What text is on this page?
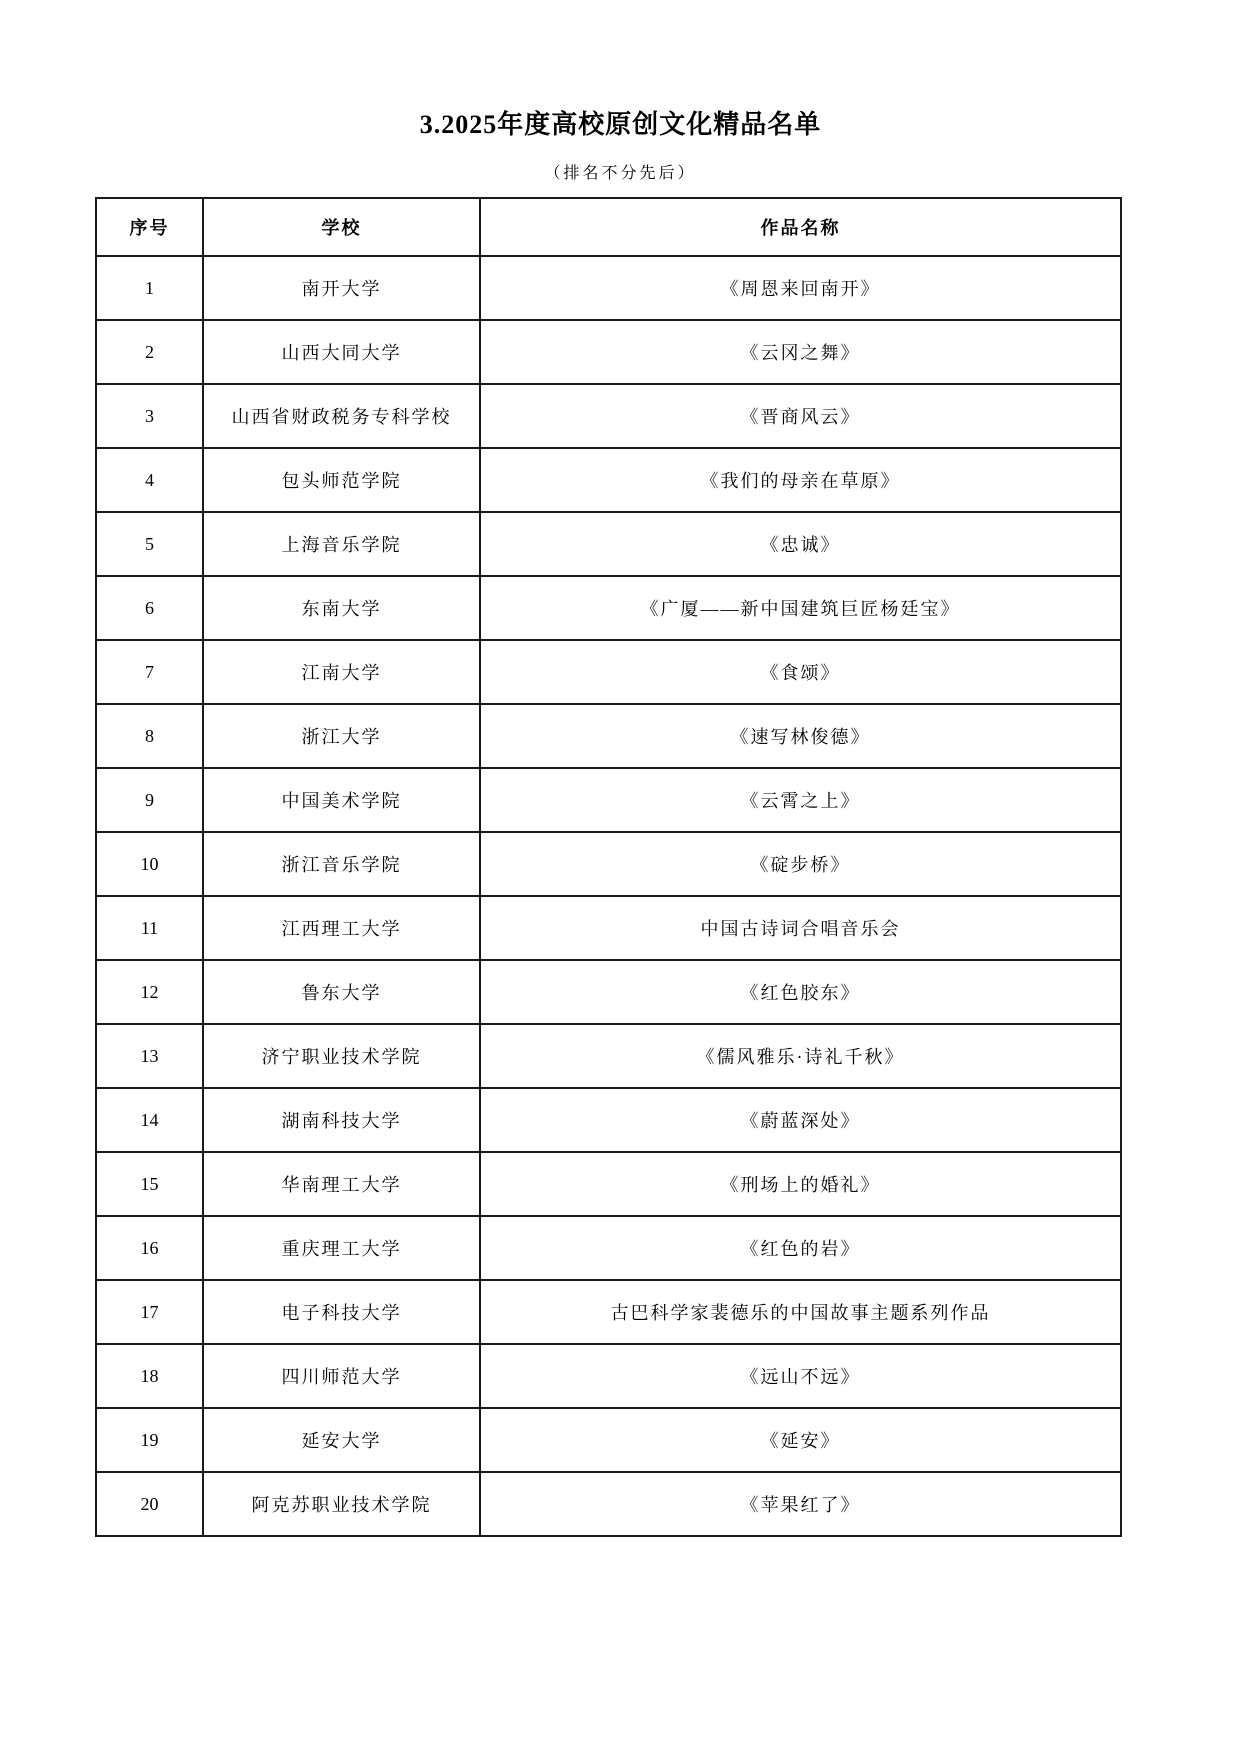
3.2025年度高校原创文化精品名单
（排名不分先后）
序号	学校	作品名称
1	南开大学	《周恩来回南开》
2	山西大同大学	《云冈之舞》
3	山西省财政税务专科学校	《晋商风云》
4	包头师范学院	《我们的母亲在草原》
5	上海音乐学院	《忠诚》
6	东南大学	《广厦——新中国建筑巨匠杨廷宝》
7	江南大学	《食颂》
8	浙江大学	《速写林俊德》
9	中国美术学院	《云霄之上》
10	浙江音乐学院	《碇步桥》
11	江西理工大学	中国古诗词合唱音乐会
12	鲁东大学	《红色胶东》
13	济宁职业技术学院	《儒风雅乐·诗礼千秋》
14	湖南科技大学	《蔚蓝深处》
15	华南理工大学	《刑场上的婚礼》
16	重庆理工大学	《红色的岩》
17	电子科技大学	古巴科学家裴德乐的中国故事主题系列作品
18	四川师范大学	《远山不远》
19	延安大学	《延安》
20	阿克苏职业技术学院	《苹果红了》
